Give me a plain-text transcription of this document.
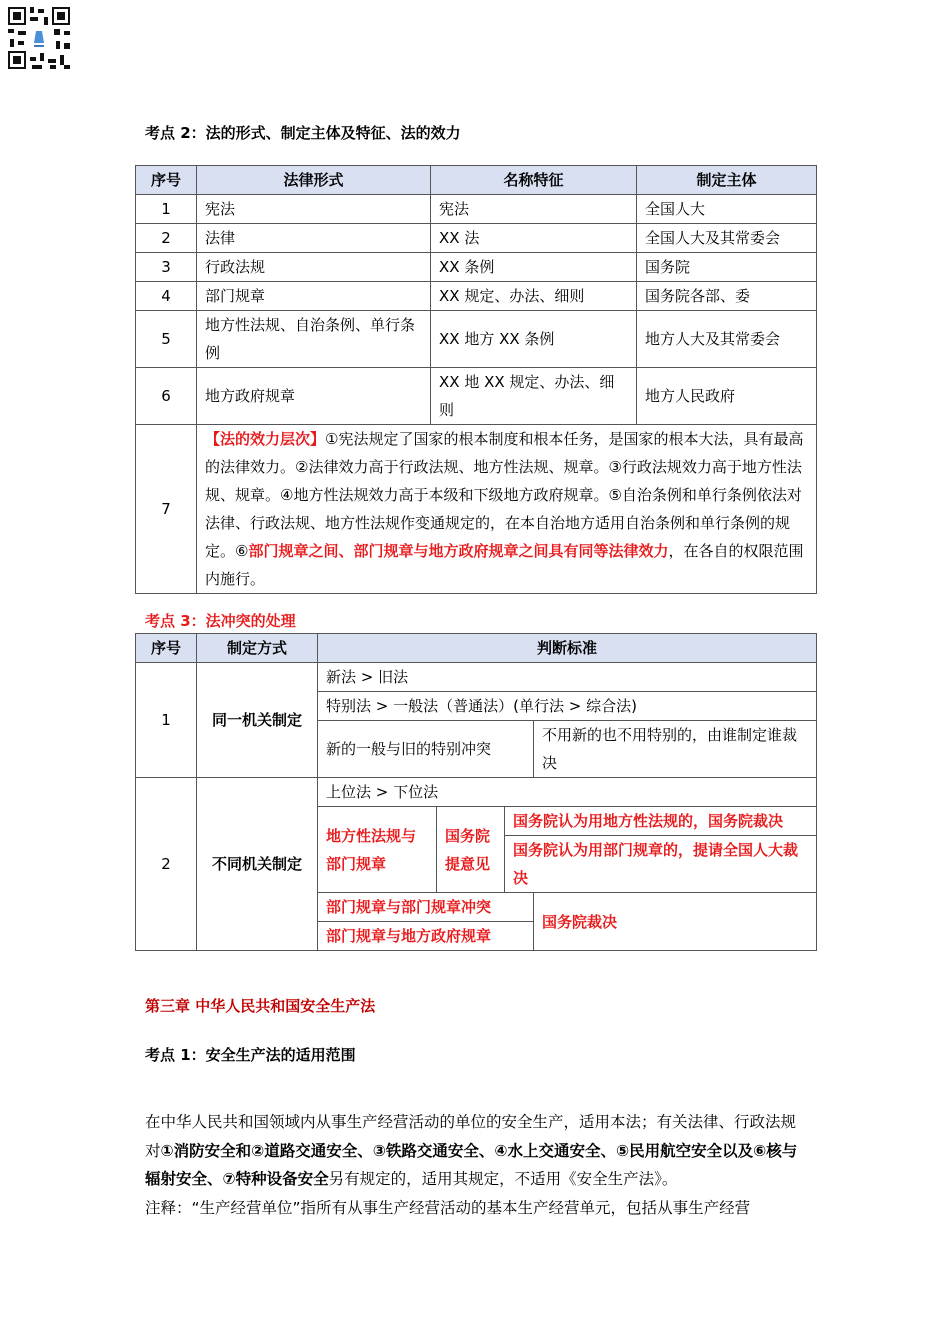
考点 2：法的形式、制定主体及特征、法的效力
序号	法律形式	名称特征	制定主体
1	宪法	宪法	全国人大
2	法律	XX 法	全国人大及其常委会
3	行政法规	XX 条例	国务院
4	部门规章	XX 规定、办法、细则	国务院各部、委
5	地方性法规、自治条例、单行条例	XX 地方 XX 条例	地方人大及其常委会
6	地方政府规章	XX 地 XX 规定、办法、细则	地方人民政府
7	【法的效力层次】①宪法规定了国家的根本制度和根本任务，是国家的根本大法，具有最高的法律效力。②法律效力高于行政法规、地方性法规、规章。③行政法规效力高于地方性法规、规章。④地方性法规效力高于本级和下级地方政府规章。⑤自治条例和单行条例依法对法律、行政法规、地方性法规作变通规定的，在本自治地方适用自治条例和单行条例的规定。⑥部门规章之间、部门规章与地方政府规章之间具有同等法律效力，在各自的权限范围内施行。		
考点 3：法冲突的处理
序号	制定方式	判断标准			
1	同一机关制定	新法 > 旧法			
		特别法 > 一般法（普通法）(单行法 > 综合法)			
		新的一般与旧的特别冲突			不用新的也不用特别的，由谁制定谁裁决
2	不同机关制定	上位法 > 下位法			
		地方性法规与部门规章	国务院提意见	国务院认为用地方性法规的，国务院裁决	
				国务院认为用部门规章的，提请全国人大裁决	
		部门规章与部门规章冲突			国务院裁决
		部门规章与地方政府规章			
第三章 中华人民共和国安全生产法
考点 1：安全生产法的适用范围
在中华人民共和国领域内从事生产经营活动的单位的安全生产，适用本法；有关法律、行政法规对①消防安全和②道路交通安全、③铁路交通安全、④水上交通安全、⑤民用航空安全以及⑥核与辐射安全、⑦特种设备安全另有规定的，适用其规定，不适用《安全生产法》。
注释：“生产经营单位”指所有从事生产经营活动的基本生产经营单元，包括从事生产经营
